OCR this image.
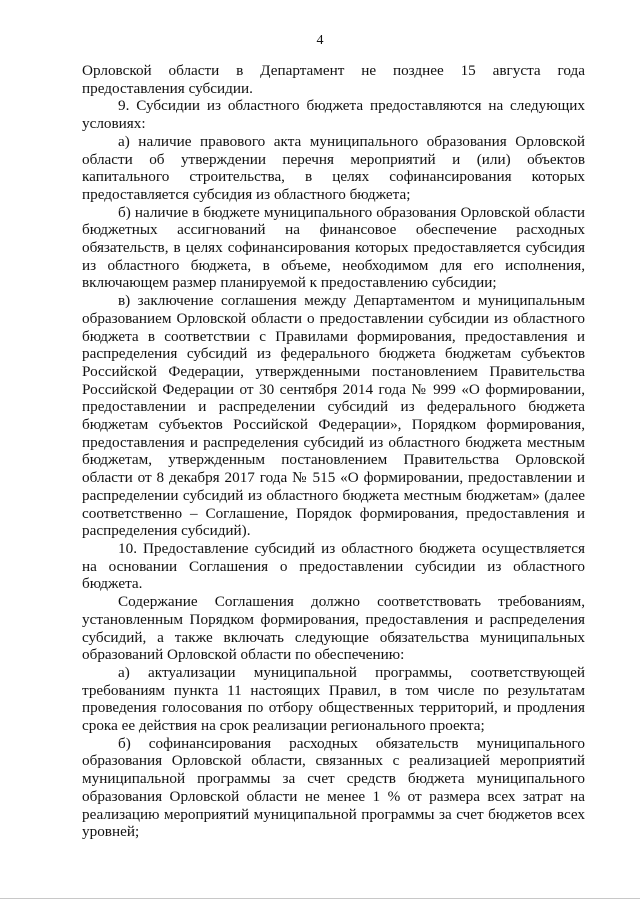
4

Орловской области в Департамент не позднее 15 августа года предоставления субсидии.

9. Субсидии из областного бюджета предоставляются на следующих условиях:

а) наличие правового акта муниципального образования Орловской области об утверждении перечня мероприятий и (или) объектов капитального строительства, в целях софинансирования которых предоставляется субсидия из областного бюджета;

б) наличие в бюджете муниципального образования Орловской области бюджетных ассигнований на финансовое обеспечение расходных обязательств, в целях софинансирования которых предоставляется субсидия из областного бюджета, в объеме, необходимом для его исполнения, включающем размер планируемой к предоставлению субсидии;

в) заключение соглашения между Департаментом и муниципальным образованием Орловской области о предоставлении субсидии из областного бюджета в соответствии с Правилами формирования, предоставления и распределения субсидий из федерального бюджета бюджетам субъектов Российской Федерации, утвержденными постановлением Правительства Российской Федерации от 30 сентября 2014 года № 999 «О формировании, предоставлении и распределении субсидий из федерального бюджета бюджетам субъектов Российской Федерации», Порядком формирования, предоставления и распределения субсидий из областного бюджета местным бюджетам, утвержденным постановлением Правительства Орловской области от 8 декабря 2017 года № 515 «О формировании, предоставлении и распределении субсидий из областного бюджета местным бюджетам» (далее соответственно – Соглашение, Порядок формирования, предоставления и распределения субсидий).

10. Предоставление субсидий из областного бюджета осуществляется на основании Соглашения о предоставлении субсидии из областного бюджета.

Содержание Соглашения должно соответствовать требованиям, установленным Порядком формирования, предоставления и распределения субсидий, а также включать следующие обязательства муниципальных образований Орловской области по обеспечению:

а) актуализации муниципальной программы, соответствующей требованиям пункта 11 настоящих Правил, в том числе по результатам проведения голосования по отбору общественных территорий, и продления срока ее действия на срок реализации регионального проекта;

б) софинансирования расходных обязательств муниципального образования Орловской области, связанных с реализацией мероприятий муниципальной программы за счет средств бюджета муниципального образования Орловской области не менее 1 % от размера всех затрат на реализацию мероприятий муниципальной программы за счет бюджетов всех уровней;
